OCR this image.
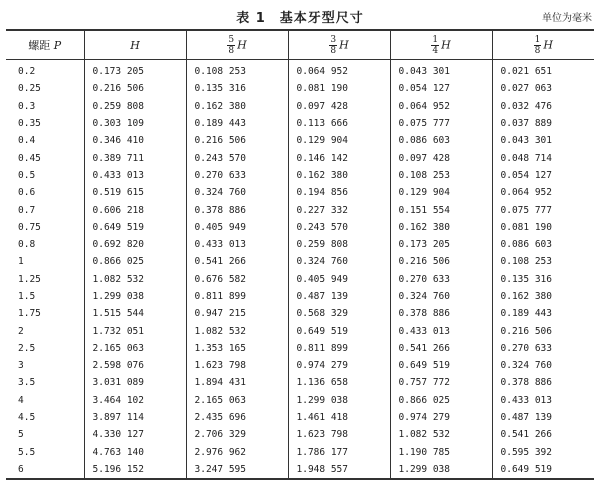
表 1　基本牙型尺寸	单位为毫米
螺距 P	H	$\frac{5}{8}$ H	$\frac{3}{8}$ H	$\frac{1}{4}$ H	$\frac{1}{8}$ H
0.2	0.173 205	0.108 253	0.064 952	0.043 301	0.021 651
0.25	0.216 506	0.135 316	0.081 190	0.054 127	0.027 063
0.3	0.259 808	0.162 380	0.097 428	0.064 952	0.032 476
0.35	0.303 109	0.189 443	0.113 666	0.075 777	0.037 889
0.4	0.346 410	0.216 506	0.129 904	0.086 603	0.043 301
0.45	0.389 711	0.243 570	0.146 142	0.097 428	0.048 714
0.5	0.433 013	0.270 633	0.162 380	0.108 253	0.054 127
0.6	0.519 615	0.324 760	0.194 856	0.129 904	0.064 952
0.7	0.606 218	0.378 886	0.227 332	0.151 554	0.075 777
0.75	0.649 519	0.405 949	0.243 570	0.162 380	0.081 190
0.8	0.692 820	0.433 013	0.259 808	0.173 205	0.086 603
1	0.866 025	0.541 266	0.324 760	0.216 506	0.108 253
1.25	1.082 532	0.676 582	0.405 949	0.270 633	0.135 316
1.5	1.299 038	0.811 899	0.487 139	0.324 760	0.162 380
1.75	1.515 544	0.947 215	0.568 329	0.378 886	0.189 443
2	1.732 051	1.082 532	0.649 519	0.433 013	0.216 506
2.5	2.165 063	1.353 165	0.811 899	0.541 266	0.270 633
3	2.598 076	1.623 798	0.974 279	0.649 519	0.324 760
3.5	3.031 089	1.894 431	1.136 658	0.757 772	0.378 886
4	3.464 102	2.165 063	1.299 038	0.866 025	0.433 013
4.5	3.897 114	2.435 696	1.461 418	0.974 279	0.487 139
5	4.330 127	2.706 329	1.623 798	1.082 532	0.541 266
5.5	4.763 140	2.976 962	1.786 177	1.190 785	0.595 392
6	5.196 152	3.247 595	1.948 557	1.299 038	0.649 519
